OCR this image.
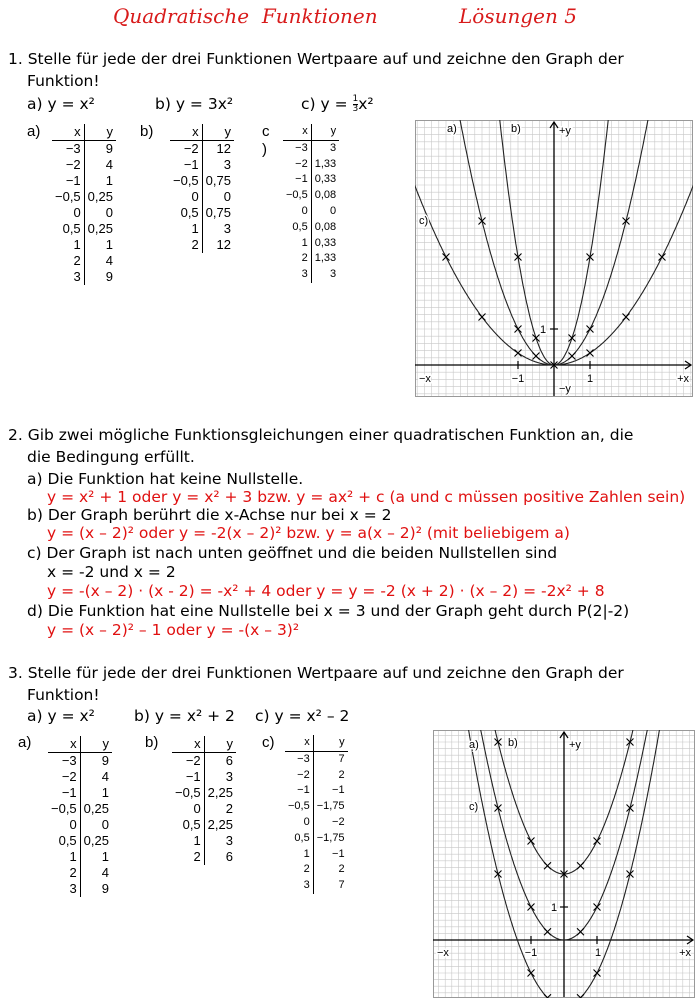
Quadratische  Funktionen	Lösungen 5
1. Stelle für jede der drei Funktionen Wertpaare auf und zeichne den Graph der
Funktion!
a) y = x²	b) y = 3x²	c) $y = \frac{1}{3} x^2$
a)	b)	c
)
x	y
−3	9
−2	4
−1	1
−0,5	0,25
0	0
0,5	0,25
1	1
2	4
3	9
x	y
−2	12
−1	3
−0,5	0,75
0	0
0,5	0,75
1	3
2	12
x	y
−3	3
−2	1,33
−1	0,33
−0,5	0,08
0	0
0,5	0,08
1	0,33
2	1,33
3	3
a)	b)
c)
+y
−y
+x
−x	−1	1
1
2. Gib zwei mögliche Funktionsgleichungen einer quadratischen Funktion an, die
die Bedingung erfüllt.
a) Die Funktion hat keine Nullstelle.
y = x² + 1 oder y = x² + 3 bzw. y = ax² + c (a und c müssen positive Zahlen sein)
b) Der Graph berührt die x-Achse nur bei x = 2
y = (x – 2)² oder y = -2(x – 2)² bzw. y = a(x – 2)² (mit beliebigem a)
c) Der Graph ist nach unten geöffnet und die beiden Nullstellen sind
x = -2 und x = 2
y = -(x – 2) · (x - 2) = -x² + 4 oder y = y = -2 (x + 2) · (x – 2) = -2x² + 8
d) Die Funktion hat eine Nullstelle bei x = 3 und der Graph geht durch P(2|-2)
y = (x – 2)² – 1 oder y = -(x – 3)²
3. Stelle für jede der drei Funktionen Wertpaare auf und zeichne den Graph der
Funktion!
a) y = x²	b) y = x² + 2 c) y = x² – 2
a)	b)	c)
x	y
−3	9
−2	4
−1	1
−0,5	0,25
0	0
0,5	0,25
1	1
2	4
3	9
x	y
−2	6
−1	3
−0,5	2,25
0	2
0,5	2,25
1	3
2	6
x	y
−3	7
−2	2
−1	−1
−0,5	−1,75
0	−2
0,5	−1,75
1	−1
2	2
3	7
a)	b)
c)
+y
+x
−x	−1	1
1
